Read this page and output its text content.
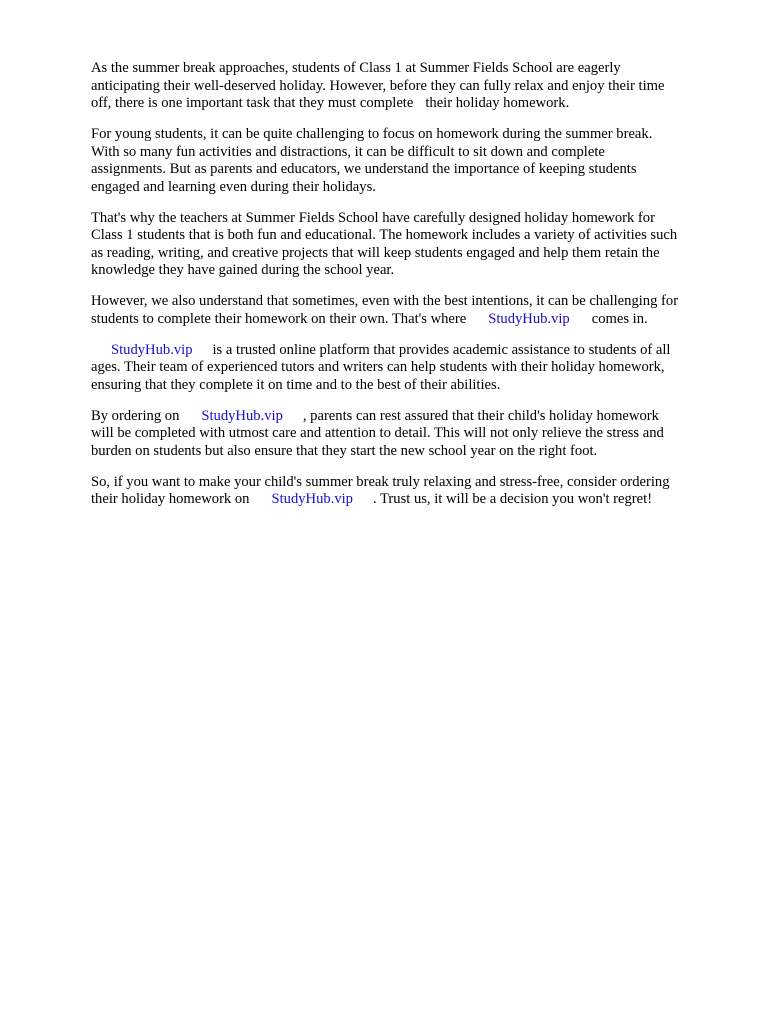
As the summer break approaches, students of Class 1 at Summer Fields School are eagerly
anticipating their well-deserved holiday. However, before they can fully relax and enjoy their time
off, there is one important task that they must complete their holiday homework.

For young students, it can be quite challenging to focus on homework during the summer break.
With so many fun activities and distractions, it can be difficult to sit down and complete
assignments. But as parents and educators, we understand the importance of keeping students
engaged and learning even during their holidays.

That's why the teachers at Summer Fields School have carefully designed holiday homework for
Class 1 students that is both fun and educational. The homework includes a variety of activities such
as reading, writing, and creative projects that will keep students engaged and help them retain the
knowledge they have gained during the school year.

However, we also understand that sometimes, even with the best intentions, it can be challenging for
students to complete their homework on their own. That's where StudyHub.vip comes in.

StudyHub.vip is a trusted online platform that provides academic assistance to students of all
ages. Their team of experienced tutors and writers can help students with their holiday homework,
ensuring that they complete it on time and to the best of their abilities.

By ordering on StudyHub.vip , parents can rest assured that their child's holiday homework
will be completed with utmost care and attention to detail. This will not only relieve the stress and
burden on students but also ensure that they start the new school year on the right foot.

So, if you want to make your child's summer break truly relaxing and stress-free, consider ordering
their holiday homework on StudyHub.vip . Trust us, it will be a decision you won't regret!
